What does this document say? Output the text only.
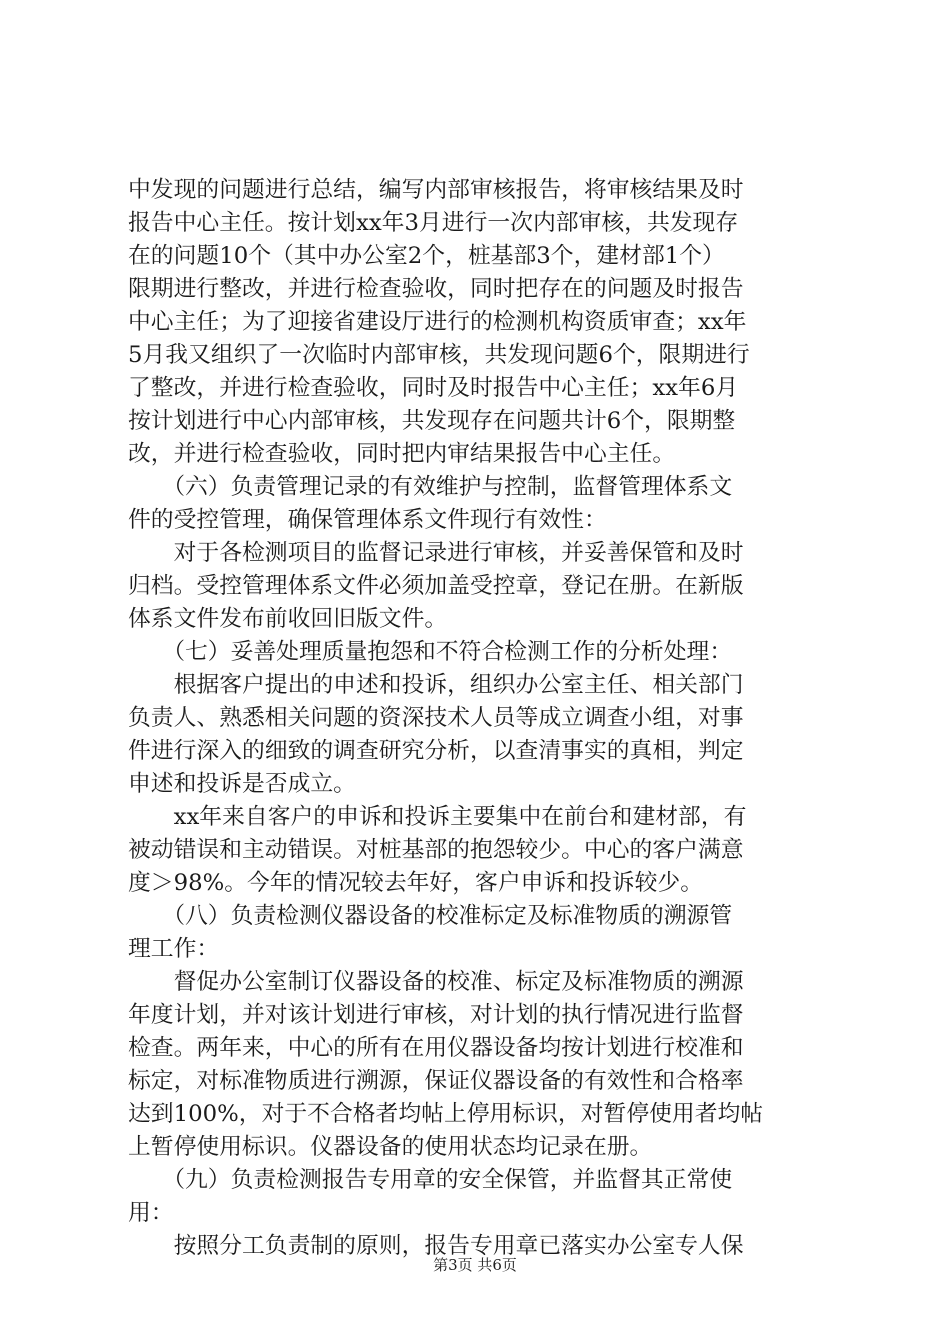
中发现的问题进行总结，编写内部审核报告，将审核结果及时
报告中心主任。按计划xx年3月进行一次内部审核，共发现存
在的问题10个（其中办公室2个，桩基部3个，建材部1个）
限期进行整改，并进行检查验收，同时把存在的问题及时报告
中心主任；为了迎接省建设厅进行的检测机构资质审查；xx年
5月我又组织了一次临时内部审核，共发现问题6个，限期进行
了整改，并进行检查验收，同时及时报告中心主任；xx年6月
按计划进行中心内部审核，共发现存在问题共计6个，限期整
改，并进行检查验收，同时把内审结果报告中心主任。
　　（六）负责管理记录的有效维护与控制，监督管理体系文
件的受控管理，确保管理体系文件现行有效性：
　　对于各检测项目的监督记录进行审核，并妥善保管和及时
归档。受控管理体系文件必须加盖受控章，登记在册。在新版
体系文件发布前收回旧版文件。
　　（七）妥善处理质量抱怨和不符合检测工作的分析处理：
　　根据客户提出的申述和投诉，组织办公室主任、相关部门
负责人、熟悉相关问题的资深技术人员等成立调查小组，对事
件进行深入的细致的调查研究分析，以查清事实的真相，判定
申述和投诉是否成立。
　　xx年来自客户的申诉和投诉主要集中在前台和建材部，有
被动错误和主动错误。对桩基部的抱怨较少。中心的客户满意
度＞98%。今年的情况较去年好，客户申诉和投诉较少。
　　（八）负责检测仪器设备的校准标定及标准物质的溯源管
理工作：
　　督促办公室制订仪器设备的校准、标定及标准物质的溯源
年度计划，并对该计划进行审核，对计划的执行情况进行监督
检查。两年来，中心的所有在用仪器设备均按计划进行校准和
标定，对标准物质进行溯源，保证仪器设备的有效性和合格率
达到100%，对于不合格者均帖上停用标识，对暂停使用者均帖
上暂停使用标识。仪器设备的使用状态均记录在册。
　　（九）负责检测报告专用章的安全保管，并监督其正常使
用：
　　按照分工负责制的原则，报告专用章已落实办公室专人保
第3页 共6页
